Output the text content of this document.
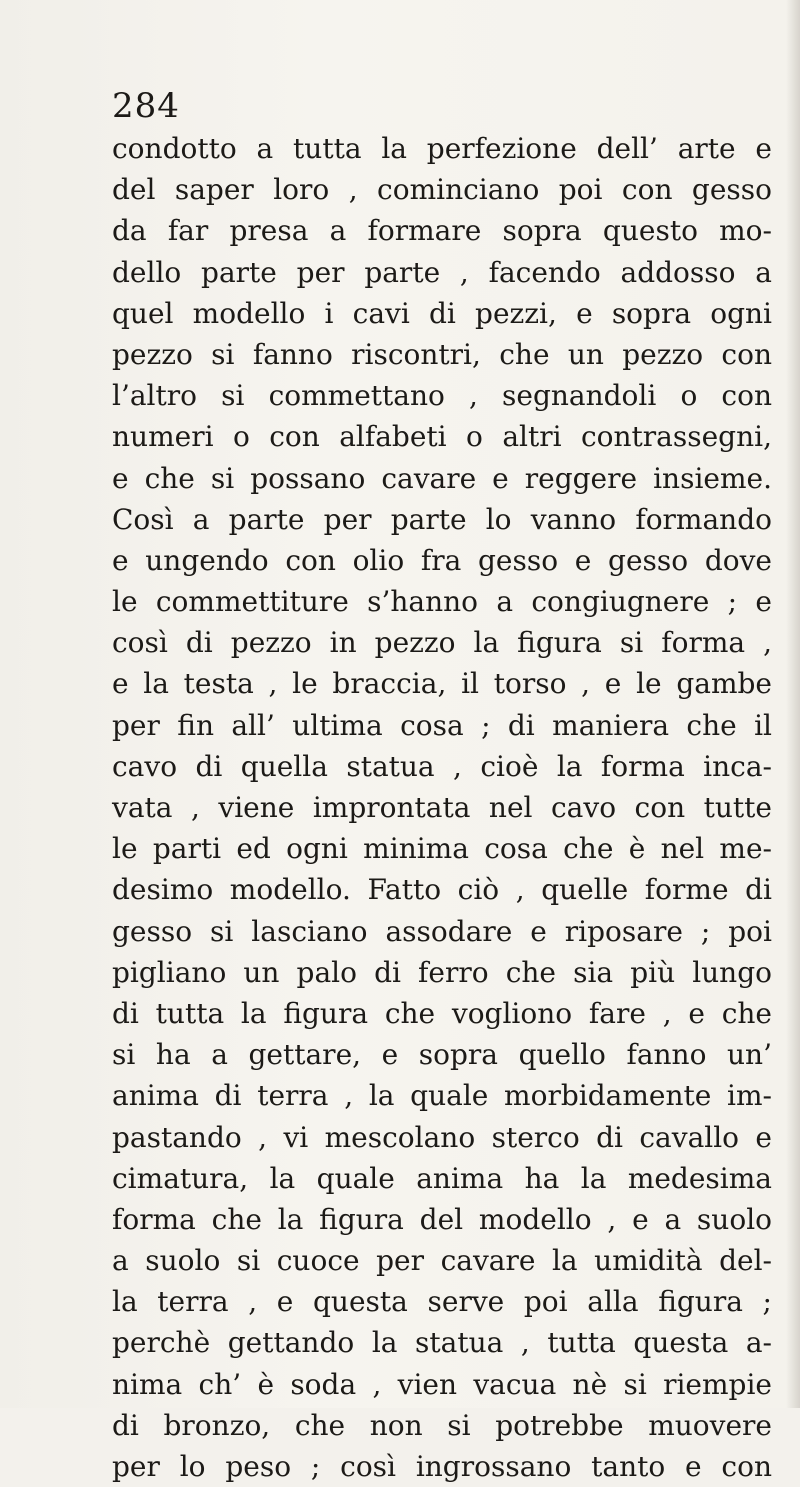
284
condotto a tutta la perfezione dell’ arte e
del saper loro , cominciano poi con gesso
da far presa a formare sopra questo mo-
dello parte per parte , facendo addosso a
quel modello i cavi di pezzi, e sopra ogni
pezzo si fanno riscontri, che un pezzo con
l’altro si commettano , segnandoli o con
numeri o con alfabeti o altri contrassegni,
e che si possano cavare e reggere insieme.
Così a parte per parte lo vanno formando
e ungendo con olio fra gesso e gesso dove
le commettiture s’hanno a congiugnere ; e
così di pezzo in pezzo la figura si forma ,
e la testa , le braccia, il torso , e le gambe
per fin all’ ultima cosa ; di maniera che il
cavo di quella statua , cioè la forma inca-
vata , viene improntata nel cavo con tutte
le parti ed ogni minima cosa che è nel me-
desimo modello. Fatto ciò , quelle forme di
gesso si lasciano assodare e riposare ; poi
pigliano un palo di ferro che sia più lungo
di tutta la figura che vogliono fare , e che
si ha a gettare, e sopra quello fanno un’
anima di terra , la quale morbidamente im-
pastando , vi mescolano sterco di cavallo e
cimatura, la quale anima ha la medesima
forma che la figura del modello , e a suolo
a suolo si cuoce per cavare la umidità del-
la terra , e questa serve poi alla figura ;
perchè gettando la statua , tutta questa a-
nima ch’ è soda , vien vacua nè si riempie
di bronzo, che non si potrebbe muovere
per lo peso ; così ingrossano tanto e con
